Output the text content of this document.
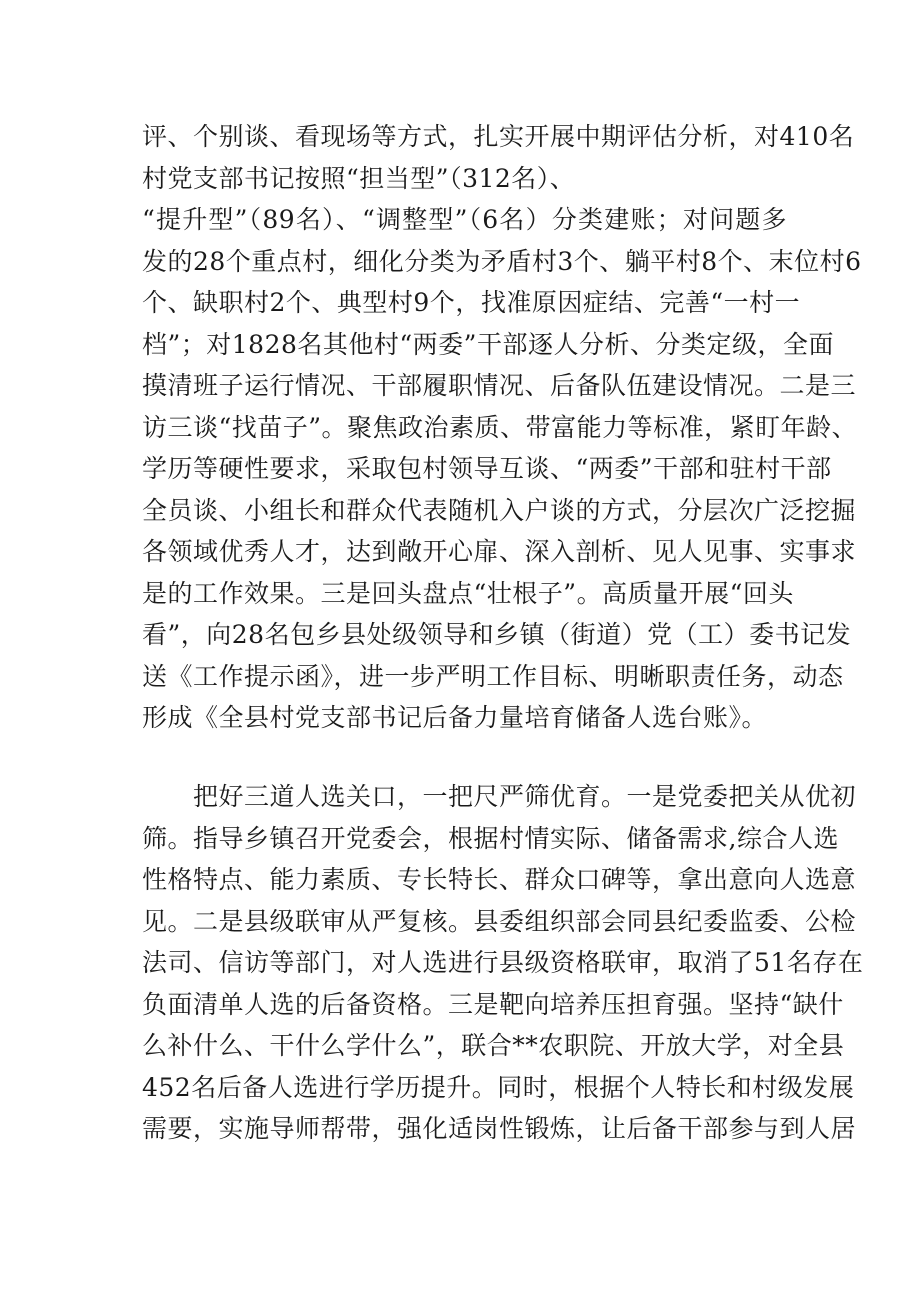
评、个别谈、看现场等方式，扎实开展中期评估分析，对410名
村党支部书记按照“担当型”（312名）、
“提升型”（89名）、“调整型”（6名）分类建账；对问题多
发的28个重点村，细化分类为矛盾村3个、躺平村8个、末位村6
个、缺职村2个、典型村9个，找准原因症结、完善“一村一
档”；对1828名其他村“两委”干部逐人分析、分类定级，全面
摸清班子运行情况、干部履职情况、后备队伍建设情况。二是三
访三谈“找苗子”。聚焦政治素质、带富能力等标准，紧盯年龄、
学历等硬性要求，采取包村领导互谈、“两委”干部和驻村干部
全员谈、小组长和群众代表随机入户谈的方式，分层次广泛挖掘
各领域优秀人才，达到敞开心扉、深入剖析、见人见事、实事求
是的工作效果。三是回头盘点“壮根子”。高质量开展“回头
看”，向28名包乡县处级领导和乡镇（街道）党（工）委书记发
送《工作提示函》，进一步严明工作目标、明晰职责任务，动态
形成《全县村党支部书记后备力量培育储备人选台账》。
　　把好三道人选关口，一把尺严筛优育。一是党委把关从优初
筛。指导乡镇召开党委会，根据村情实际、储备需求,综合人选
性格特点、能力素质、专长特长、群众口碑等，拿出意向人选意
见。二是县级联审从严复核。县委组织部会同县纪委监委、公检
法司、信访等部门，对人选进行县级资格联审，取消了51名存在
负面清单人选的后备资格。三是靶向培养压担育强。坚持“缺什
么补什么、干什么学什么”，联合**农职院、开放大学，对全县
452名后备人选进行学历提升。同时，根据个人特长和村级发展
需要，实施导师帮带，强化适岗性锻炼，让后备干部参与到人居
